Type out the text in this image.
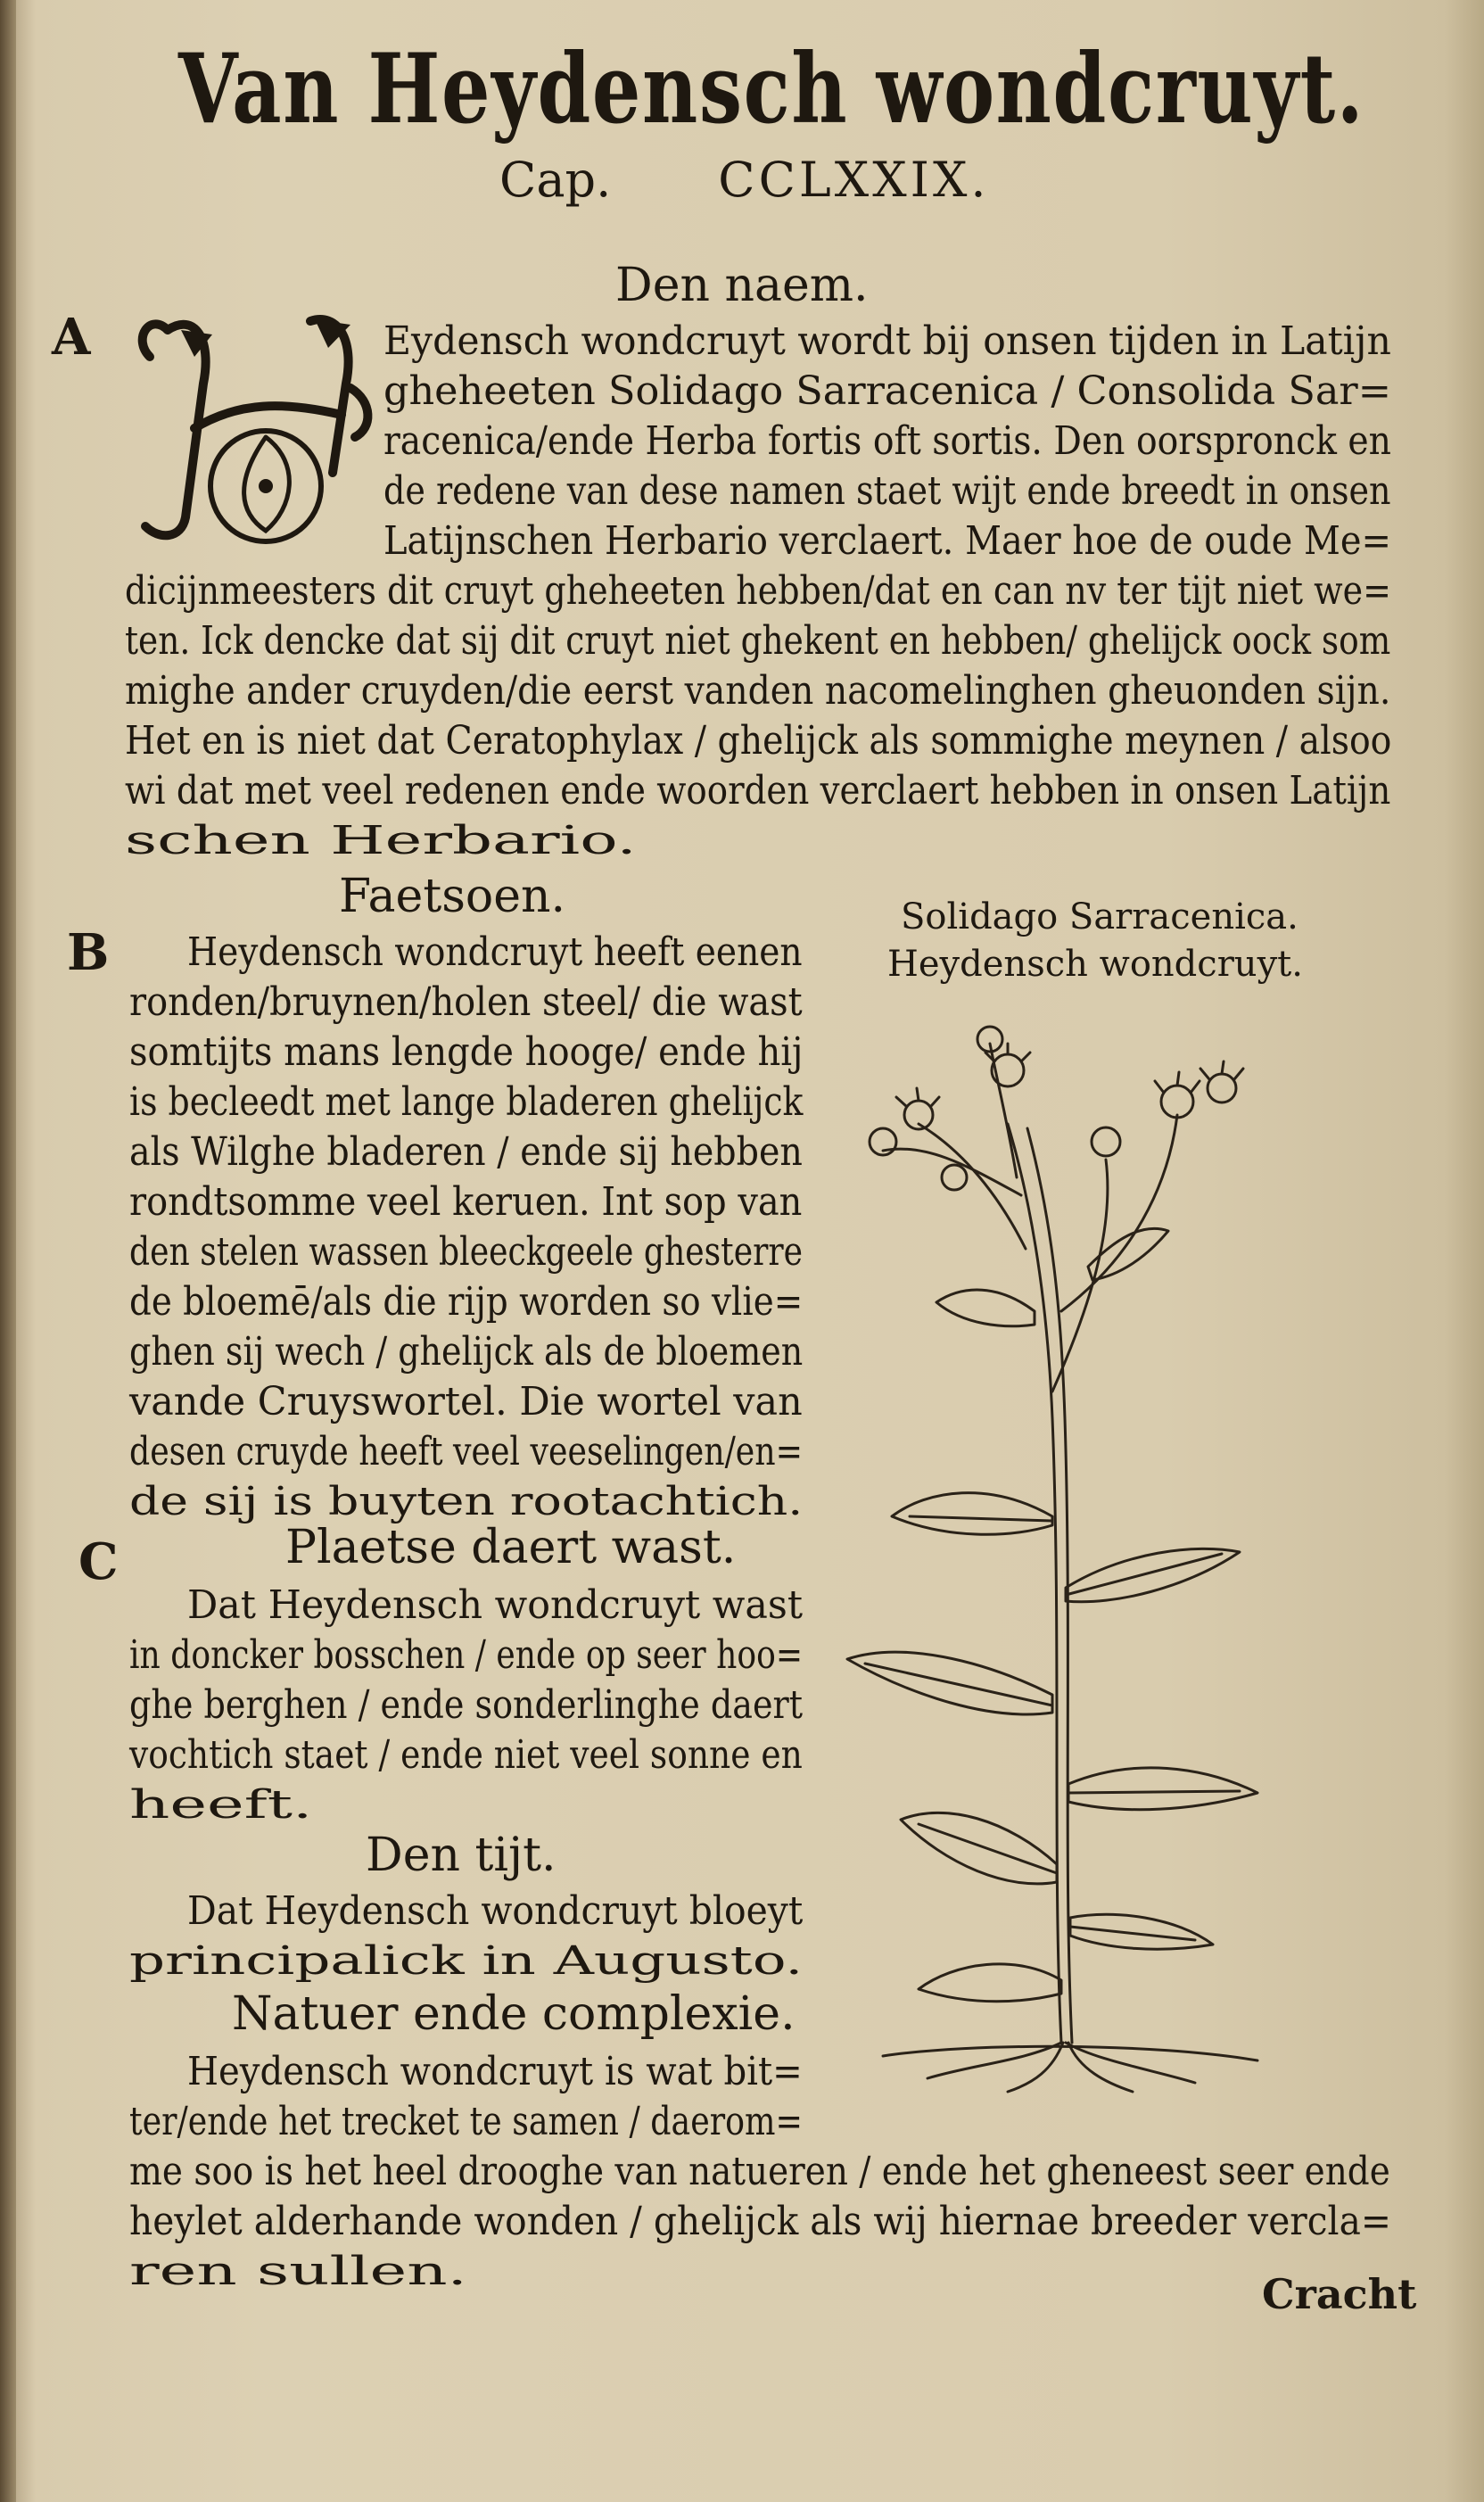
Van Heydensch wondcruyt.
Cap. CCLXXIX.
Den naem.
A	Eydensch wondcruyt wordt bij onsen tijden in Latijn
gheheeten Solidago Sarracenica / Consolida Sar=
racenica/ende Herba fortis oft sortis. Den oorspronck en
de redene van dese namen staet wijt ende breedt in onsen
Latijnschen Herbario verclaert. Maer hoe de oude Me=
dicijnmeesters dit cruyt gheheeten hebben/dat en can nv ter tijt niet we=
ten. Ick dencke dat sij dit cruyt niet ghekent en hebben/ ghelijck oock som
mighe ander cruyden/die eerst vanden nacomelinghen gheuonden sijn.
Het en is niet dat Ceratophylax / ghelijck als sommighe meynen / alsoo
wi dat met veel redenen ende woorden verclaert hebben in onsen Latijn
schen Herbario.
Faetsoen.
B Heydensch wondcruyt heeft eenen
ronden/bruynen/holen steel/ die wast
somtijts mans lengde hooge/ ende hij
is becleedt met lange bladeren ghelijck
als Wilghe bladeren / ende sij hebben
rondtsomme veel keruen. Int sop van
den stelen wassen bleeckgeele ghesterre
de bloemē/als die rijp worden so vlie=
ghen sij wech / ghelijck als de bloemen
vande Cruyswortel. Die wortel van
desen cruyde heeft veel veeselingen/en=
de sij is buyten rootachtich.
Solidago Sarracenica.
Heydensch wondcruyt.
Plaetse daert wast.
C
Dat Heydensch wondcruyt wast
in doncker bosschen / ende op seer hoo=
ghe berghen / ende sonderlinghe daert
vochtich staet / ende niet veel sonne en
heeft.
Den tijt.
Dat Heydensch wondcruyt bloeyt
principalick in Augusto.
Natuer ende complexie.
Heydensch wondcruyt is wat bit=
ter/ende het trecket te samen / daerom=
me soo is het heel drooghe van natueren / ende het gheneest seer ende
heylet alderhande wonden / ghelijck als wij hiernae breeder vercla=
ren sullen.	Cracht
